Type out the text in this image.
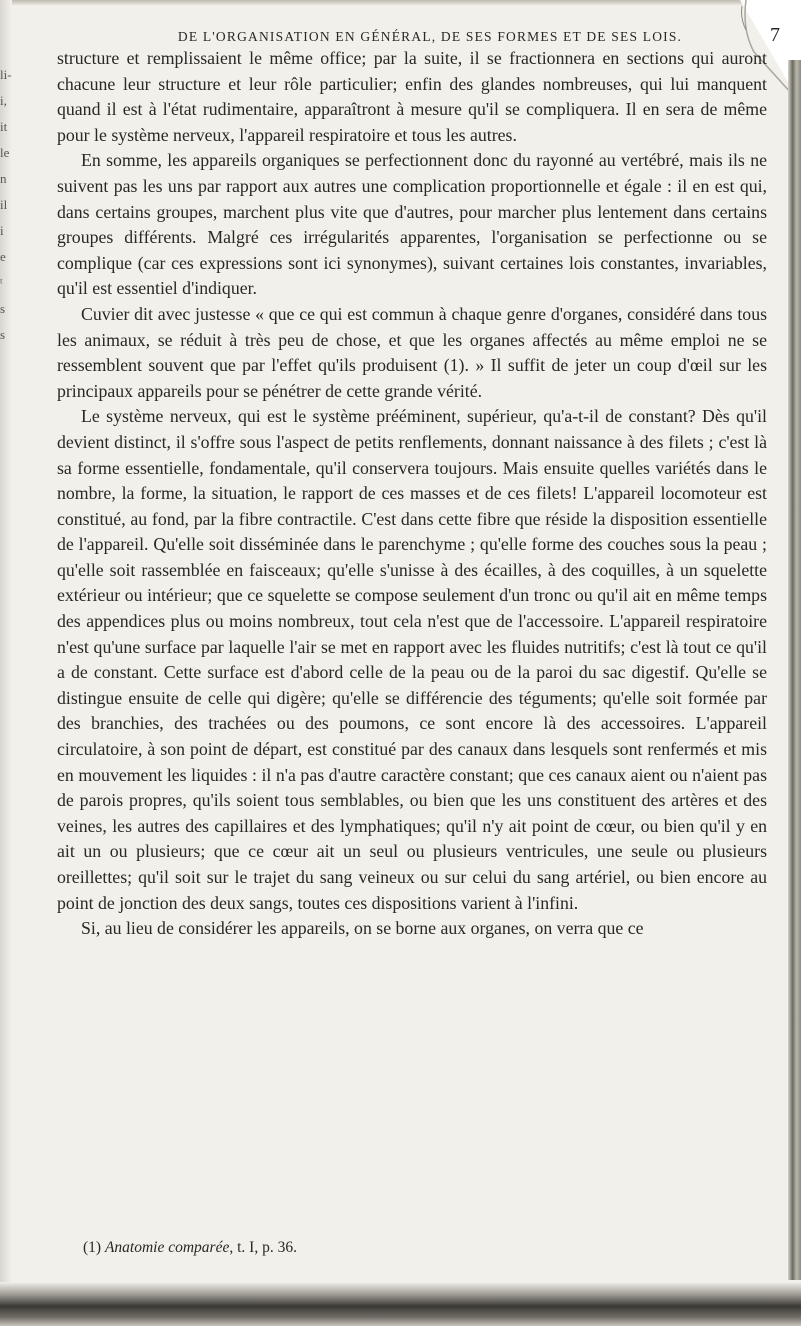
li-
i,
it
le
n
il
i
e
ᵗ
s
s
DE L'ORGANISATION EN GÉNÉRAL, DE SES FORMES ET DE SES LOIS.	7

structure et remplissaient le même office; par la suite, il se fractionnera en sections qui auront chacune leur structure et leur rôle particulier; enfin des glandes nombreuses, qui lui manquent quand il est à l'état rudimentaire, apparaîtront à mesure qu'il se compliquera. Il en sera de même pour le système nerveux, l'appareil respiratoire et tous les autres.

En somme, les appareils organiques se perfectionnent donc du rayonné au vertébré, mais ils ne suivent pas les uns par rapport aux autres une complication proportionnelle et égale : il en est qui, dans certains groupes, marchent plus vite que d'autres, pour marcher plus lentement dans certains groupes différents. Malgré ces irrégularités apparentes, l'organisation se perfectionne ou se complique (car ces expressions sont ici synonymes), suivant certaines lois constantes, invariables, qu'il est essentiel d'indiquer.

Cuvier dit avec justesse « que ce qui est commun à chaque genre d'organes, considéré dans tous les animaux, se réduit à très peu de chose, et que les organes affectés au même emploi ne se ressemblent souvent que par l'effet qu'ils produisent (1). » Il suffit de jeter un coup d'œil sur les principaux appareils pour se pénétrer de cette grande vérité.

Le système nerveux, qui est le système prééminent, supérieur, qu'a-t-il de constant? Dès qu'il devient distinct, il s'offre sous l'aspect de petits renflements, donnant naissance à des filets ; c'est là sa forme essentielle, fondamentale, qu'il conservera toujours. Mais ensuite quelles variétés dans le nombre, la forme, la situation, le rapport de ces masses et de ces filets! L'appareil locomoteur est constitué, au fond, par la fibre contractile. C'est dans cette fibre que réside la disposition essentielle de l'appareil. Qu'elle soit disséminée dans le parenchyme ; qu'elle forme des couches sous la peau ; qu'elle soit rassemblée en faisceaux; qu'elle s'unisse à des écailles, à des coquilles, à un squelette extérieur ou intérieur; que ce squelette se compose seulement d'un tronc ou qu'il ait en même temps des appendices plus ou moins nombreux, tout cela n'est que de l'accessoire. L'appareil respiratoire n'est qu'une surface par laquelle l'air se met en rapport avec les fluides nutritifs; c'est là tout ce qu'il a de constant. Cette surface est d'abord celle de la peau ou de la paroi du sac digestif. Qu'elle se distingue ensuite de celle qui digère; qu'elle se différencie des téguments; qu'elle soit formée par des branchies, des trachées ou des poumons, ce sont encore là des accessoires. L'appareil circulatoire, à son point de départ, est constitué par des canaux dans lesquels sont renfermés et mis en mouvement les liquides : il n'a pas d'autre caractère constant; que ces canaux aient ou n'aient pas de parois propres, qu'ils soient tous semblables, ou bien que les uns constituent des artères et des veines, les autres des capillaires et des lymphatiques; qu'il n'y ait point de cœur, ou bien qu'il y en ait un ou plusieurs; que ce cœur ait un seul ou plusieurs ventricules, une seule ou plusieurs oreillettes; qu'il soit sur le trajet du sang veineux ou sur celui du sang artériel, ou bien encore au point de jonction des deux sangs, toutes ces dispositions varient à l'infini.

Si, au lieu de considérer les appareils, on se borne aux organes, on verra que ce

(1) Anatomie comparée, t. I, p. 36.
